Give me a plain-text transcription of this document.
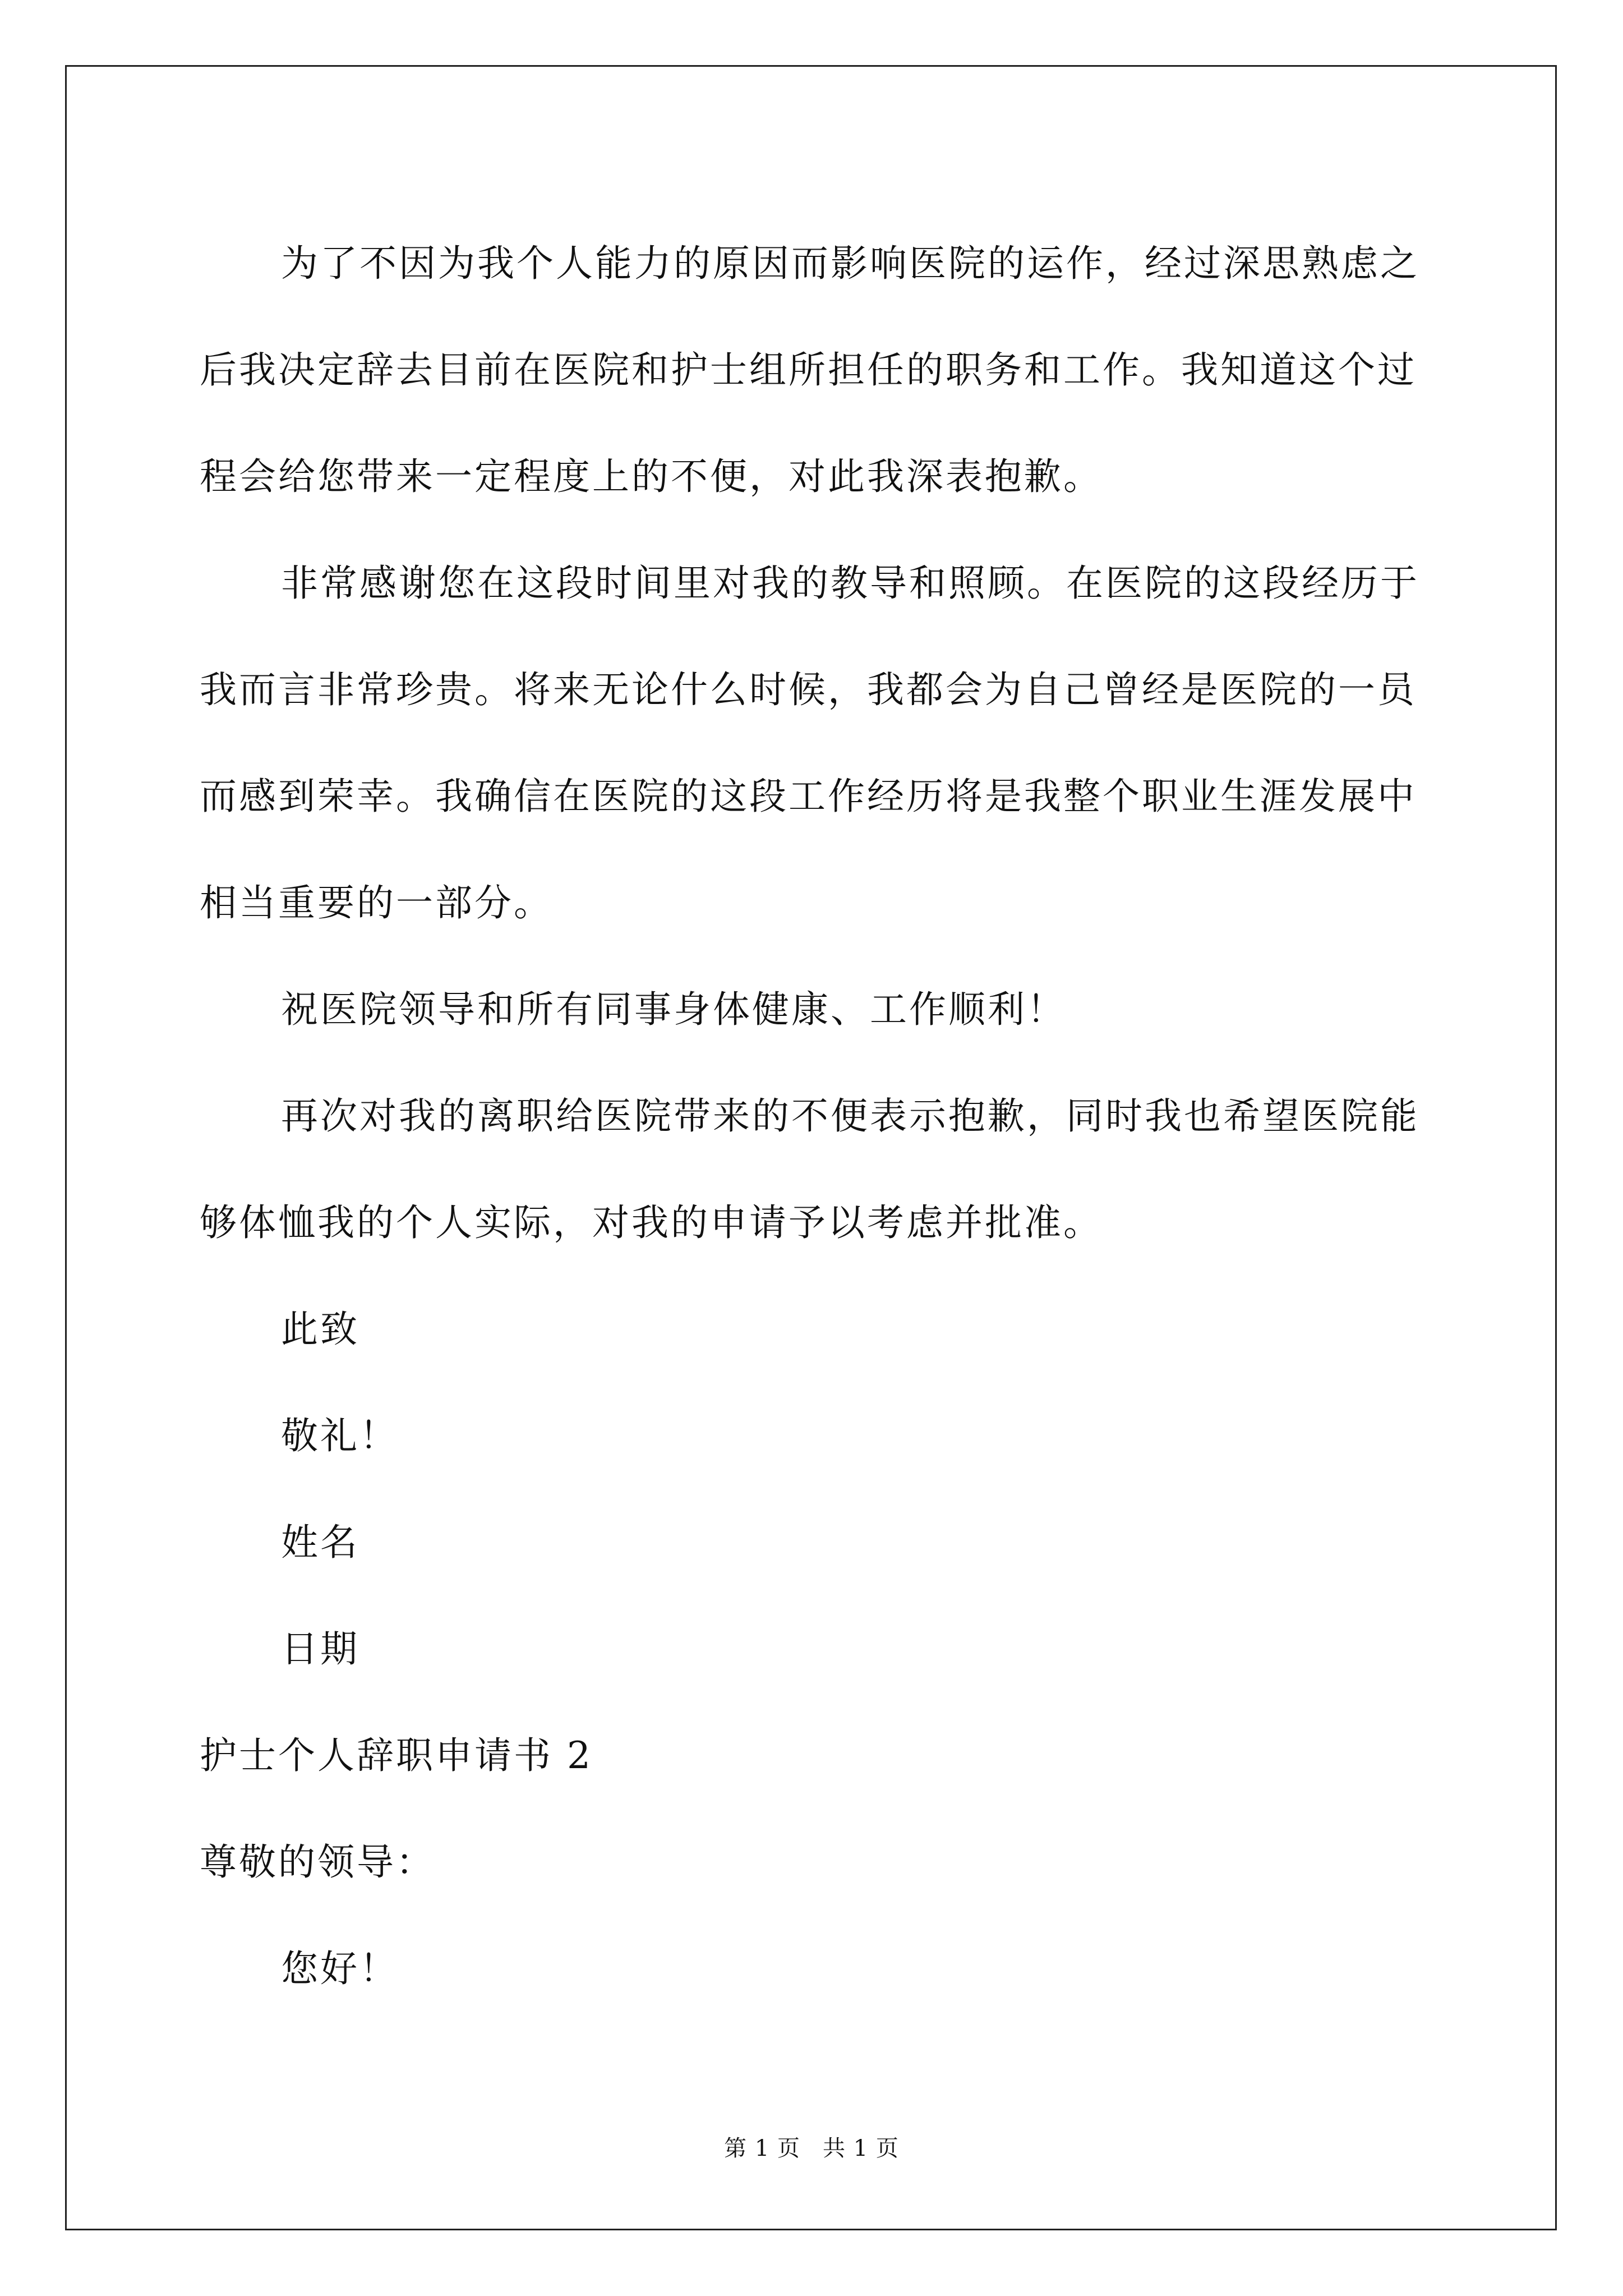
为了不因为我个人能力的原因而影响医院的运作，经过深思熟虑之后我决定辞去目前在医院和护士组所担任的职务和工作。我知道这个过程会给您带来一定程度上的不便，对此我深表抱歉。

非常感谢您在这段时间里对我的教导和照顾。在医院的这段经历于我而言非常珍贵。将来无论什么时候，我都会为自己曾经是医院的一员而感到荣幸。我确信在医院的这段工作经历将是我整个职业生涯发展中相当重要的一部分。

祝医院领导和所有同事身体健康、工作顺利！

再次对我的离职给医院带来的不便表示抱歉，同时我也希望医院能够体恤我的个人实际，对我的申请予以考虑并批准。

此致

敬礼！

姓名

日期

护士个人辞职申请书 2

尊敬的领导：

您好！

第 1 页 共 1 页
